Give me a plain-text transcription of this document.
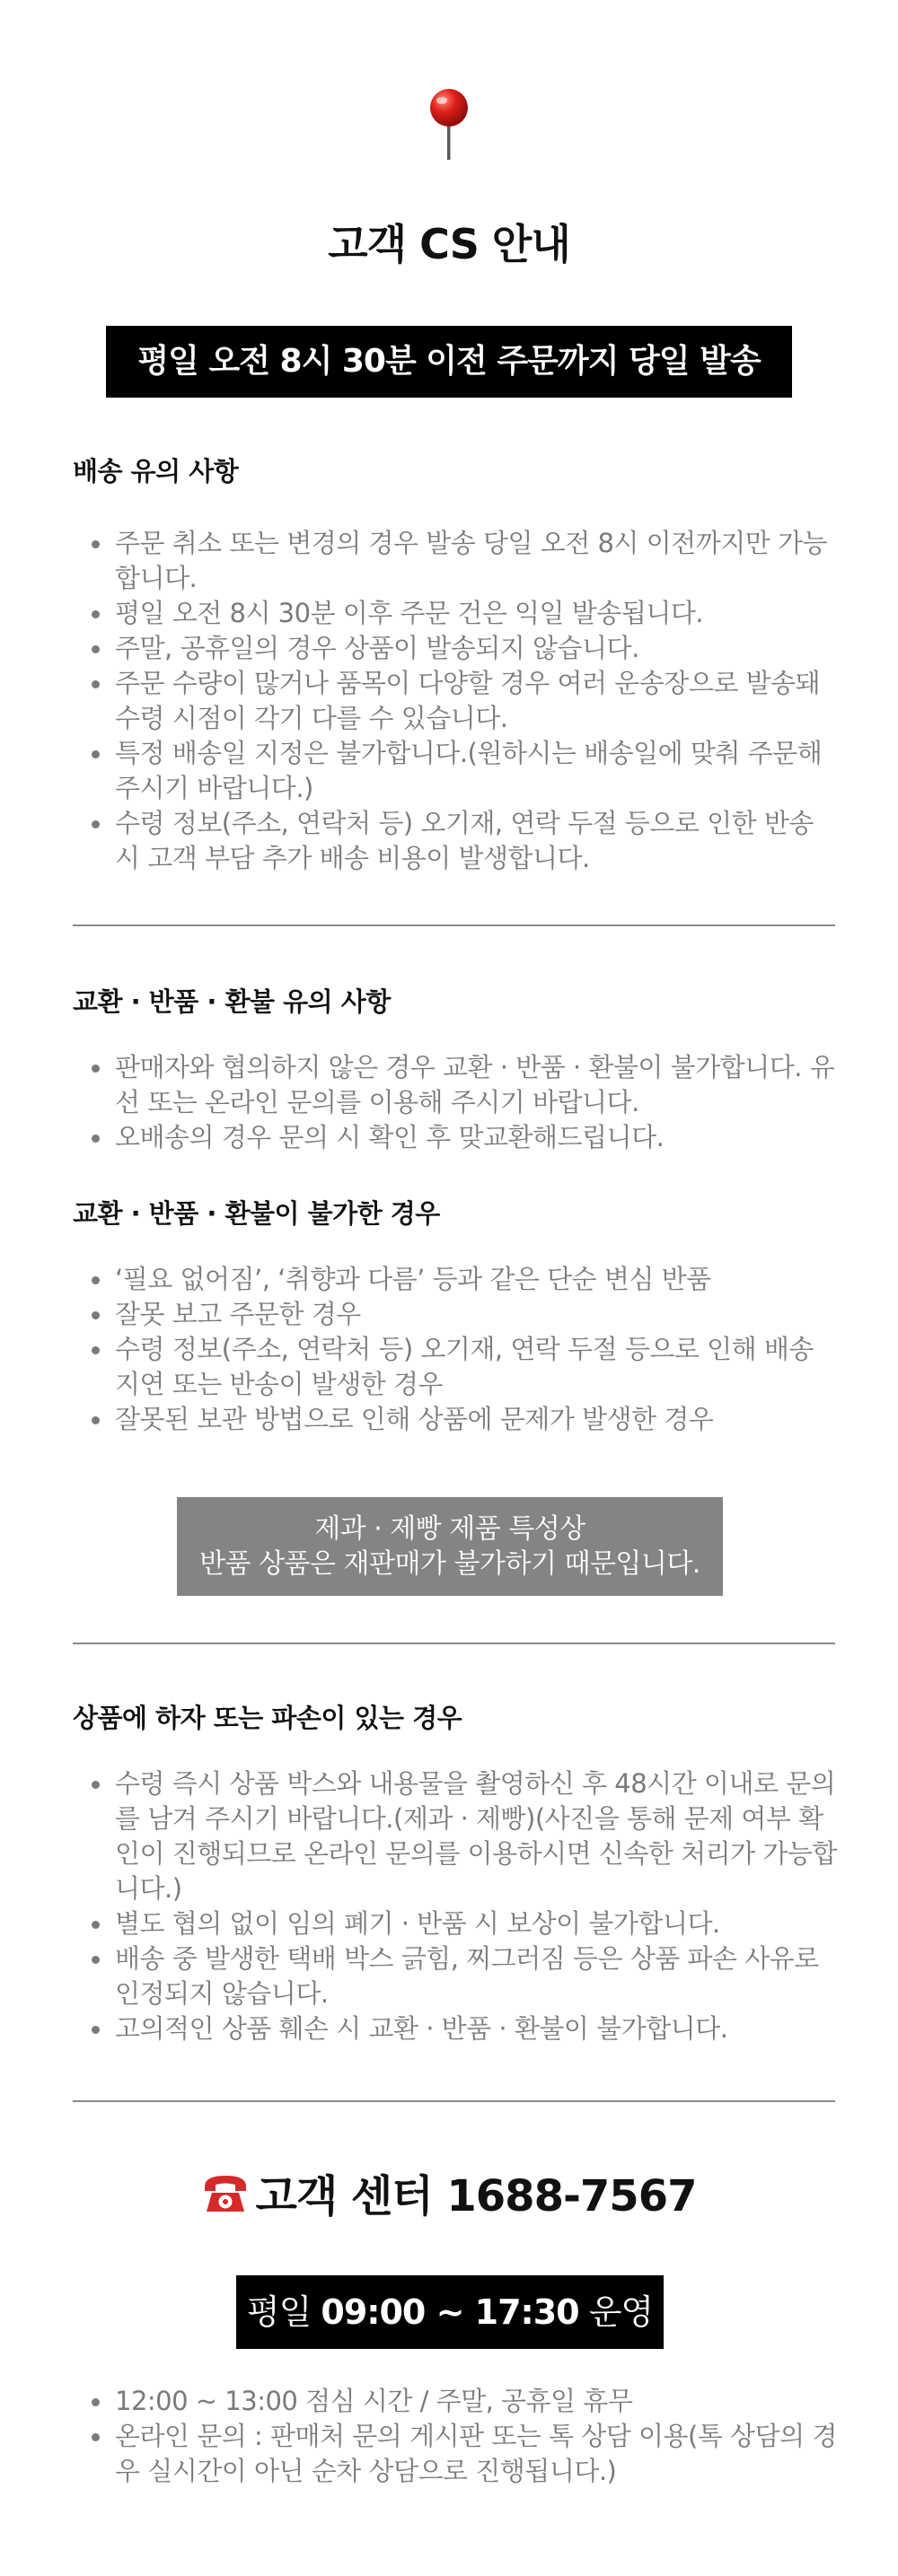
고객 CS 안내
평일 오전 8시 30분 이전 주문까지 당일 발송
배송 유의 사항
주문 취소 또는 변경의 경우 발송 당일 오전 8시 이전까지만 가능합니다.
평일 오전 8시 30분 이후 주문 건은 익일 발송됩니다.
주말, 공휴일의 경우 상품이 발송되지 않습니다.
주문 수량이 많거나 품목이 다양할 경우 여러 운송장으로 발송돼 수령 시점이 각기 다를 수 있습니다.
특정 배송일 지정은 불가합니다.(원하시는 배송일에 맞춰 주문해 주시기 바랍니다.)
수령 정보(주소, 연락처 등) 오기재, 연락 두절 등으로 인한 반송 시 고객 부담 추가 배송 비용이 발생합니다.
교환 · 반품 · 환불 유의 사항
판매자와 협의하지 않은 경우 교환 · 반품 · 환불이 불가합니다. 유선 또는 온라인 문의를 이용해 주시기 바랍니다.
오배송의 경우 문의 시 확인 후 맞교환해드립니다.
교환 · 반품 · 환불이 불가한 경우
‘필요 없어짐’, ‘취향과 다름’ 등과 같은 단순 변심 반품
잘못 보고 주문한 경우
수령 정보(주소, 연락처 등) 오기재, 연락 두절 등으로 인해 배송 지연 또는 반송이 발생한 경우
잘못된 보관 방법으로 인해 상품에 문제가 발생한 경우
제과 · 제빵 제품 특성상
반품 상품은 재판매가 불가하기 때문입니다.
상품에 하자 또는 파손이 있는 경우
수령 즉시 상품 박스와 내용물을 촬영하신 후 48시간 이내로 문의를 남겨 주시기 바랍니다.(제과 · 제빵)(사진을 통해 문제 여부 확인이 진행되므로 온라인 문의를 이용하시면 신속한 처리가 가능합니다.)
별도 협의 없이 임의 폐기 · 반품 시 보상이 불가합니다.
배송 중 발생한 택배 박스 긁힘, 찌그러짐 등은 상품 파손 사유로 인정되지 않습니다.
고의적인 상품 훼손 시 교환 · 반품 · 환불이 불가합니다.
고객 센터 1688-7567
평일 09:00 ~ 17:30 운영
12:00 ~ 13:00 점심 시간 / 주말, 공휴일 휴무
온라인 문의 : 판매처 문의 게시판 또는 톡 상담 이용(톡 상담의 경우 실시간이 아닌 순차 상담으로 진행됩니다.)
